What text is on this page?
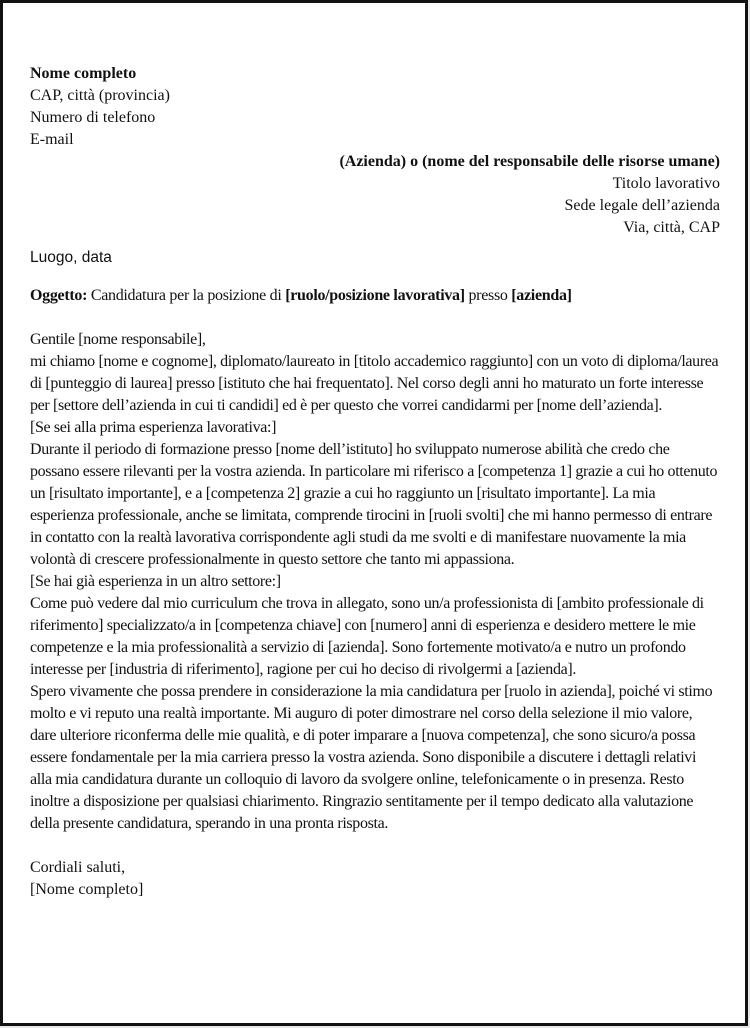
Nome completo
CAP, città (provincia)
Numero di telefono
E-mail
(Azienda) o (nome del responsabile delle risorse umane)
Titolo lavorativo
Sede legale dell’azienda
Via, città, CAP
Luogo, data
Oggetto: Candidatura per la posizione di [ruolo/posizione lavorativa] presso [azienda]
Gentile [nome responsabile],
mi chiamo [nome e cognome], diplomato/laureato in [titolo accademico raggiunto] con un voto di diploma/laurea di [punteggio di laurea] presso [istituto che hai frequentato]. Nel corso degli anni ho maturato un forte interesse per [settore dell’azienda in cui ti candidi] ed è per questo che vorrei candidarmi per [nome dell’azienda].
[Se sei alla prima esperienza lavorativa:]
Durante il periodo di formazione presso [nome dell’istituto] ho sviluppato numerose abilità che credo che possano essere rilevanti per la vostra azienda. In particolare mi riferisco a [competenza 1] grazie a cui ho ottenuto un [risultato importante], e a [competenza 2] grazie a cui ho raggiunto un [risultato importante]. La mia esperienza professionale, anche se limitata, comprende tirocini in [ruoli svolti] che mi hanno permesso di entrare in contatto con la realtà lavorativa corrispondente agli studi da me svolti e di manifestare nuovamente la mia volontà di crescere professionalmente in questo settore che tanto mi appassiona.
[Se hai già esperienza in un altro settore:]
Come può vedere dal mio curriculum che trova in allegato, sono un/a professionista di [ambito professionale di riferimento] specializzato/a in [competenza chiave] con [numero] anni di esperienza e desidero mettere le mie competenze e la mia professionalità a servizio di [azienda]. Sono fortemente motivato/a e nutro un profondo interesse per [industria di riferimento], ragione per cui ho deciso di rivolgermi a [azienda].
Spero vivamente che possa prendere in considerazione la mia candidatura per [ruolo in azienda], poiché vi stimo molto e vi reputo una realtà importante. Mi auguro di poter dimostrare nel corso della selezione il mio valore, dare ulteriore riconferma delle mie qualità, e di poter imparare a [nuova competenza], che sono sicuro/a possa essere fondamentale per la mia carriera presso la vostra azienda. Sono disponibile a discutere i dettagli relativi alla mia candidatura durante un colloquio di lavoro da svolgere online, telefonicamente o in presenza. Resto inoltre a disposizione per qualsiasi chiarimento. Ringrazio sentitamente per il tempo dedicato alla valutazione della presente candidatura, sperando in una pronta risposta.
Cordiali saluti,
[Nome completo]
